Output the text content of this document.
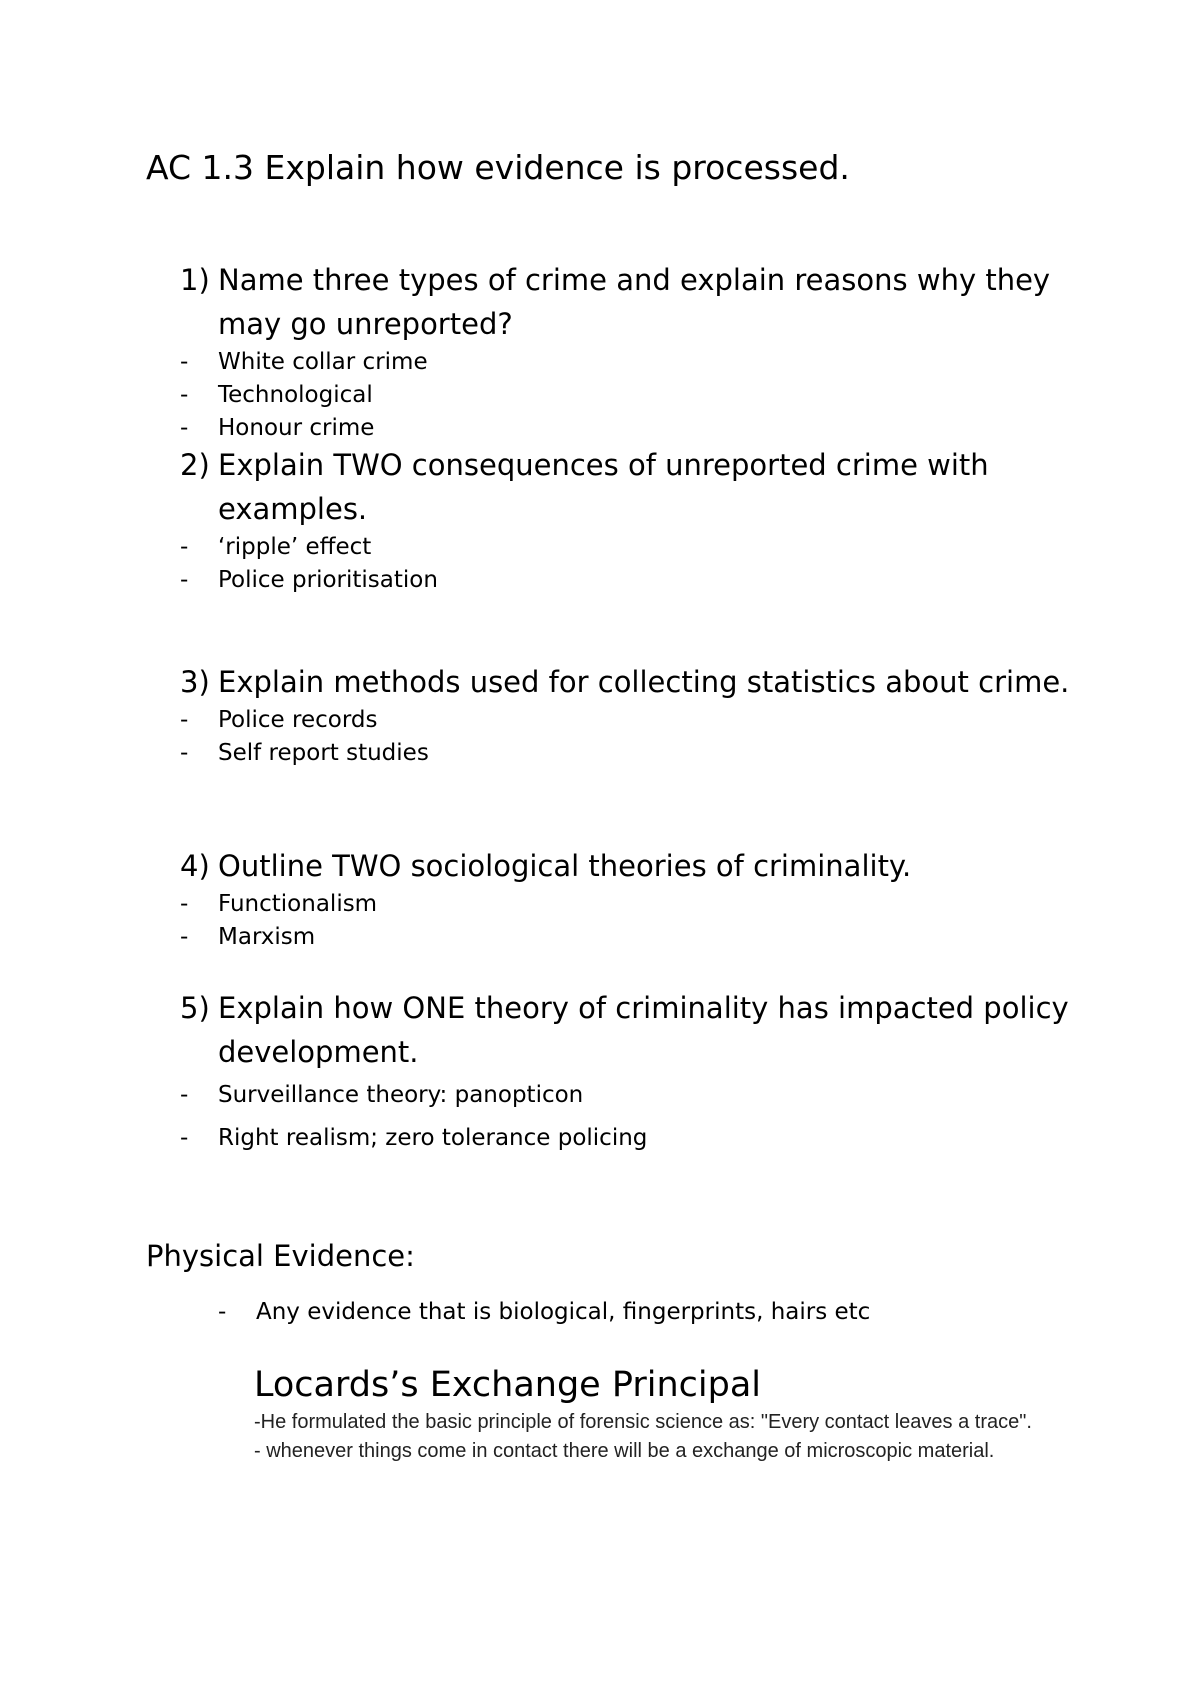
AC 1.3 Explain how evidence is processed.
1) Name three types of crime and explain reasons why they may go unreported?
- White collar crime
- Technological
- Honour crime
2) Explain TWO consequences of unreported crime with examples.
- ‘ripple’ effect
- Police prioritisation
3) Explain methods used for collecting statistics about crime.
- Police records
- Self report studies
4) Outline TWO sociological theories of criminality.
- Functionalism
- Marxism
5) Explain how ONE theory of criminality has impacted policy development.
- Surveillance theory: panopticon
- Right realism; zero tolerance policing
Physical Evidence:
- Any evidence that is biological, fingerprints, hairs etc
Locards’s Exchange Principal
-He formulated the basic principle of forensic science as: "Every contact leaves a trace".
- whenever things come in contact there will be a exchange of microscopic material.
